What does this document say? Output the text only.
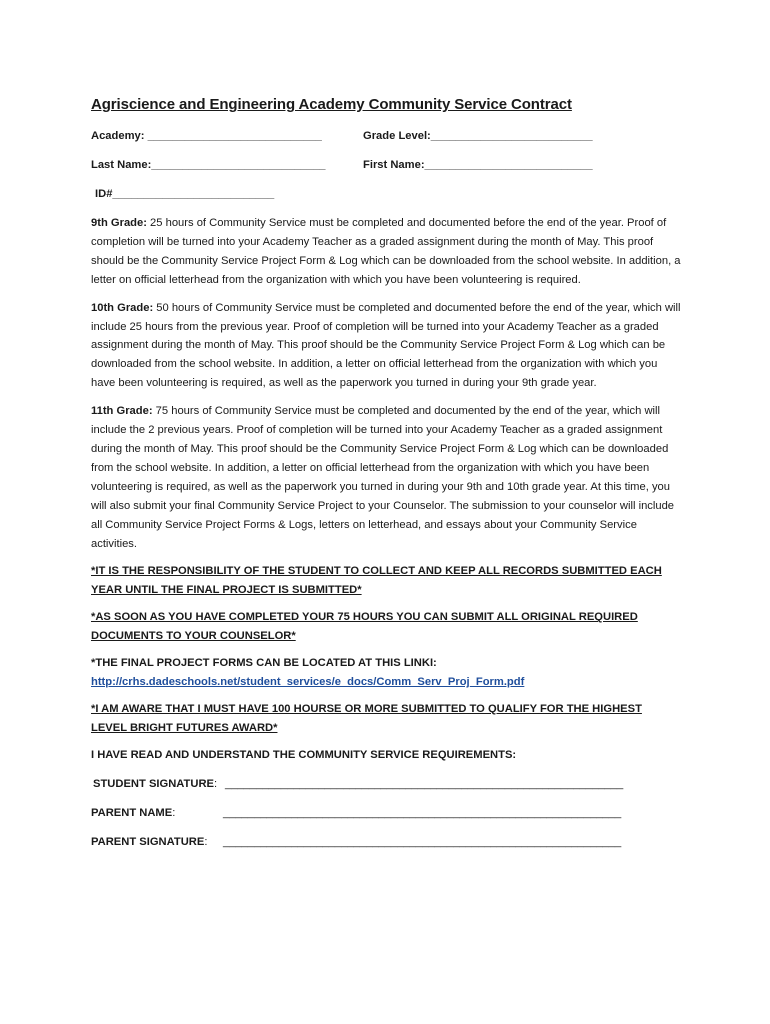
Agriscience and Engineering Academy Community Service Contract
Academy: ____________________________	Grade Level:__________________________
Last Name:____________________________	First Name:___________________________
ID#__________________________

9th Grade: 25 hours of Community Service must be completed and documented before the end of the year. Proof of completion will be turned into your Academy Teacher as a graded assignment during the month of May. This proof should be the Community Service Project Form & Log which can be downloaded from the school website. In addition, a letter on official letterhead from the organization with which you have been volunteering is required.

10th Grade: 50 hours of Community Service must be completed and documented before the end of the year, which will include 25 hours from the previous year. Proof of completion will be turned into your Academy Teacher as a graded assignment during the month of May. This proof should be the Community Service Project Form & Log which can be downloaded from the school website. In addition, a letter on official letterhead from the organization with which you have been volunteering is required, as well as the paperwork you turned in during your 9th grade year.

11th Grade: 75 hours of Community Service must be completed and documented by the end of the year, which will include the 2 previous years. Proof of completion will be turned into your Academy Teacher as a graded assignment during the month of May. This proof should be the Community Service Project Form & Log which can be downloaded from the school website. In addition, a letter on official letterhead from the organization with which you have been volunteering is required, as well as the paperwork you turned in during your 9th and 10th grade year. At this time, you will also submit your final Community Service Project to your Counselor. The submission to your counselor will include all Community Service Project Forms & Logs, letters on letterhead, and essays about your Community Service activities.

*IT IS THE RESPONSIBILITY OF THE STUDENT TO COLLECT AND KEEP ALL RECORDS SUBMITTED EACH YEAR UNTIL THE FINAL PROJECT IS SUBMITTED*

*AS SOON AS YOU HAVE COMPLETED YOUR 75 HOURS YOU CAN SUBMIT ALL ORIGINAL REQUIRED DOCUMENTS TO YOUR COUNSELOR*

*THE FINAL PROJECT FORMS CAN BE LOCATED AT THIS LINKI:
http://crhs.dadeschools.net/student_services/e_docs/Comm_Serv_Proj_Form.pdf

*I AM AWARE THAT I MUST HAVE 100 HOURSE OR MORE SUBMITTED TO QUALIFY FOR THE HIGHEST LEVEL BRIGHT FUTURES AWARD*

I HAVE READ AND UNDERSTAND THE COMMUNITY SERVICE REQUIREMENTS:

STUDENT SIGNATURE: ________________________________________________________________
PARENT NAME:	________________________________________________________________
PARENT SIGNATURE:	________________________________________________________________
